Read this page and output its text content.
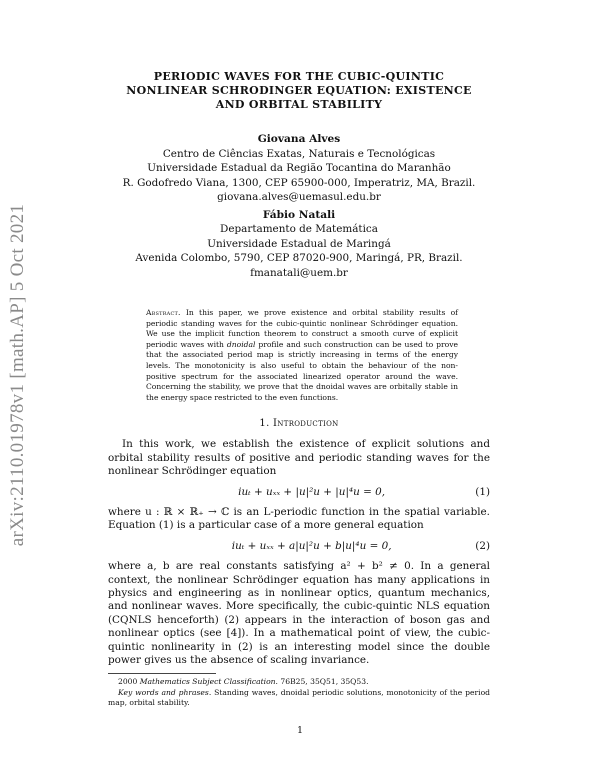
arXiv:2110.01978v1 [math.AP] 5 Oct 2021
PERIODIC WAVES FOR THE CUBIC-QUINTIC
NONLINEAR SCHRODINGER EQUATION: EXISTENCE
AND ORBITAL STABILITY
Giovana Alves
Centro de Ciências Exatas, Naturais e Tecnológicas
Universidade Estadual da Região Tocantina do Maranhão
R. Godofredo Viana, 1300, CEP 65900-000, Imperatriz, MA, Brazil.
giovana.alves@uemasul.edu.br
Fábio Natali
Departamento de Matemática
Universidade Estadual de Maringá
Avenida Colombo, 5790, CEP 87020-900, Maringá, PR, Brazil.
fmanatali@uem.br
Abstract. In this paper, we prove existence and orbital stability results of periodic standing waves for the cubic-quintic nonlinear Schrödinger equation. We use the implicit function theorem to construct a smooth curve of explicit periodic waves with dnoidal profile and such construction can be used to prove that the associated period map is strictly increasing in terms of the energy levels. The monotonicity is also useful to obtain the behaviour of the non-positive spectrum for the associated linearized operator around the wave. Concerning the stability, we prove that the dnoidal waves are orbitally stable in the energy space restricted to the even functions.
1. Introduction

In this work, we establish the existence of explicit solutions and orbital stability results of positive and periodic standing waves for the nonlinear Schrödinger equation

iuₜ + uₓₓ + |u|²u + |u|⁴u = 0,	(1)

where u : ℝ × ℝ₊ → ℂ is an L-periodic function in the spatial variable. Equation (1) is a particular case of a more general equation

iuₜ + uₓₓ + a|u|²u + b|u|⁴u = 0,	(2)

where a, b are real constants satisfying a² + b² ≠ 0. In a general context, the nonlinear Schrödinger equation has many applications in physics and engineering as in nonlinear optics, quantum mechanics, and nonlinear waves. More specifically, the cubic-quintic NLS equation (CQNLS henceforth) (2) appears in the interaction of boson gas and nonlinear optics (see [4]). In a mathematical point of view, the cubic-quintic nonlinearity in (2) is an interesting model since the double power gives us the absence of scaling invariance.

2000 Mathematics Subject Classification. 76B25, 35Q51, 35Q53.

Key words and phrases. Standing waves, dnoidal periodic solutions, monotonicity of the period map, orbital stability.

1
